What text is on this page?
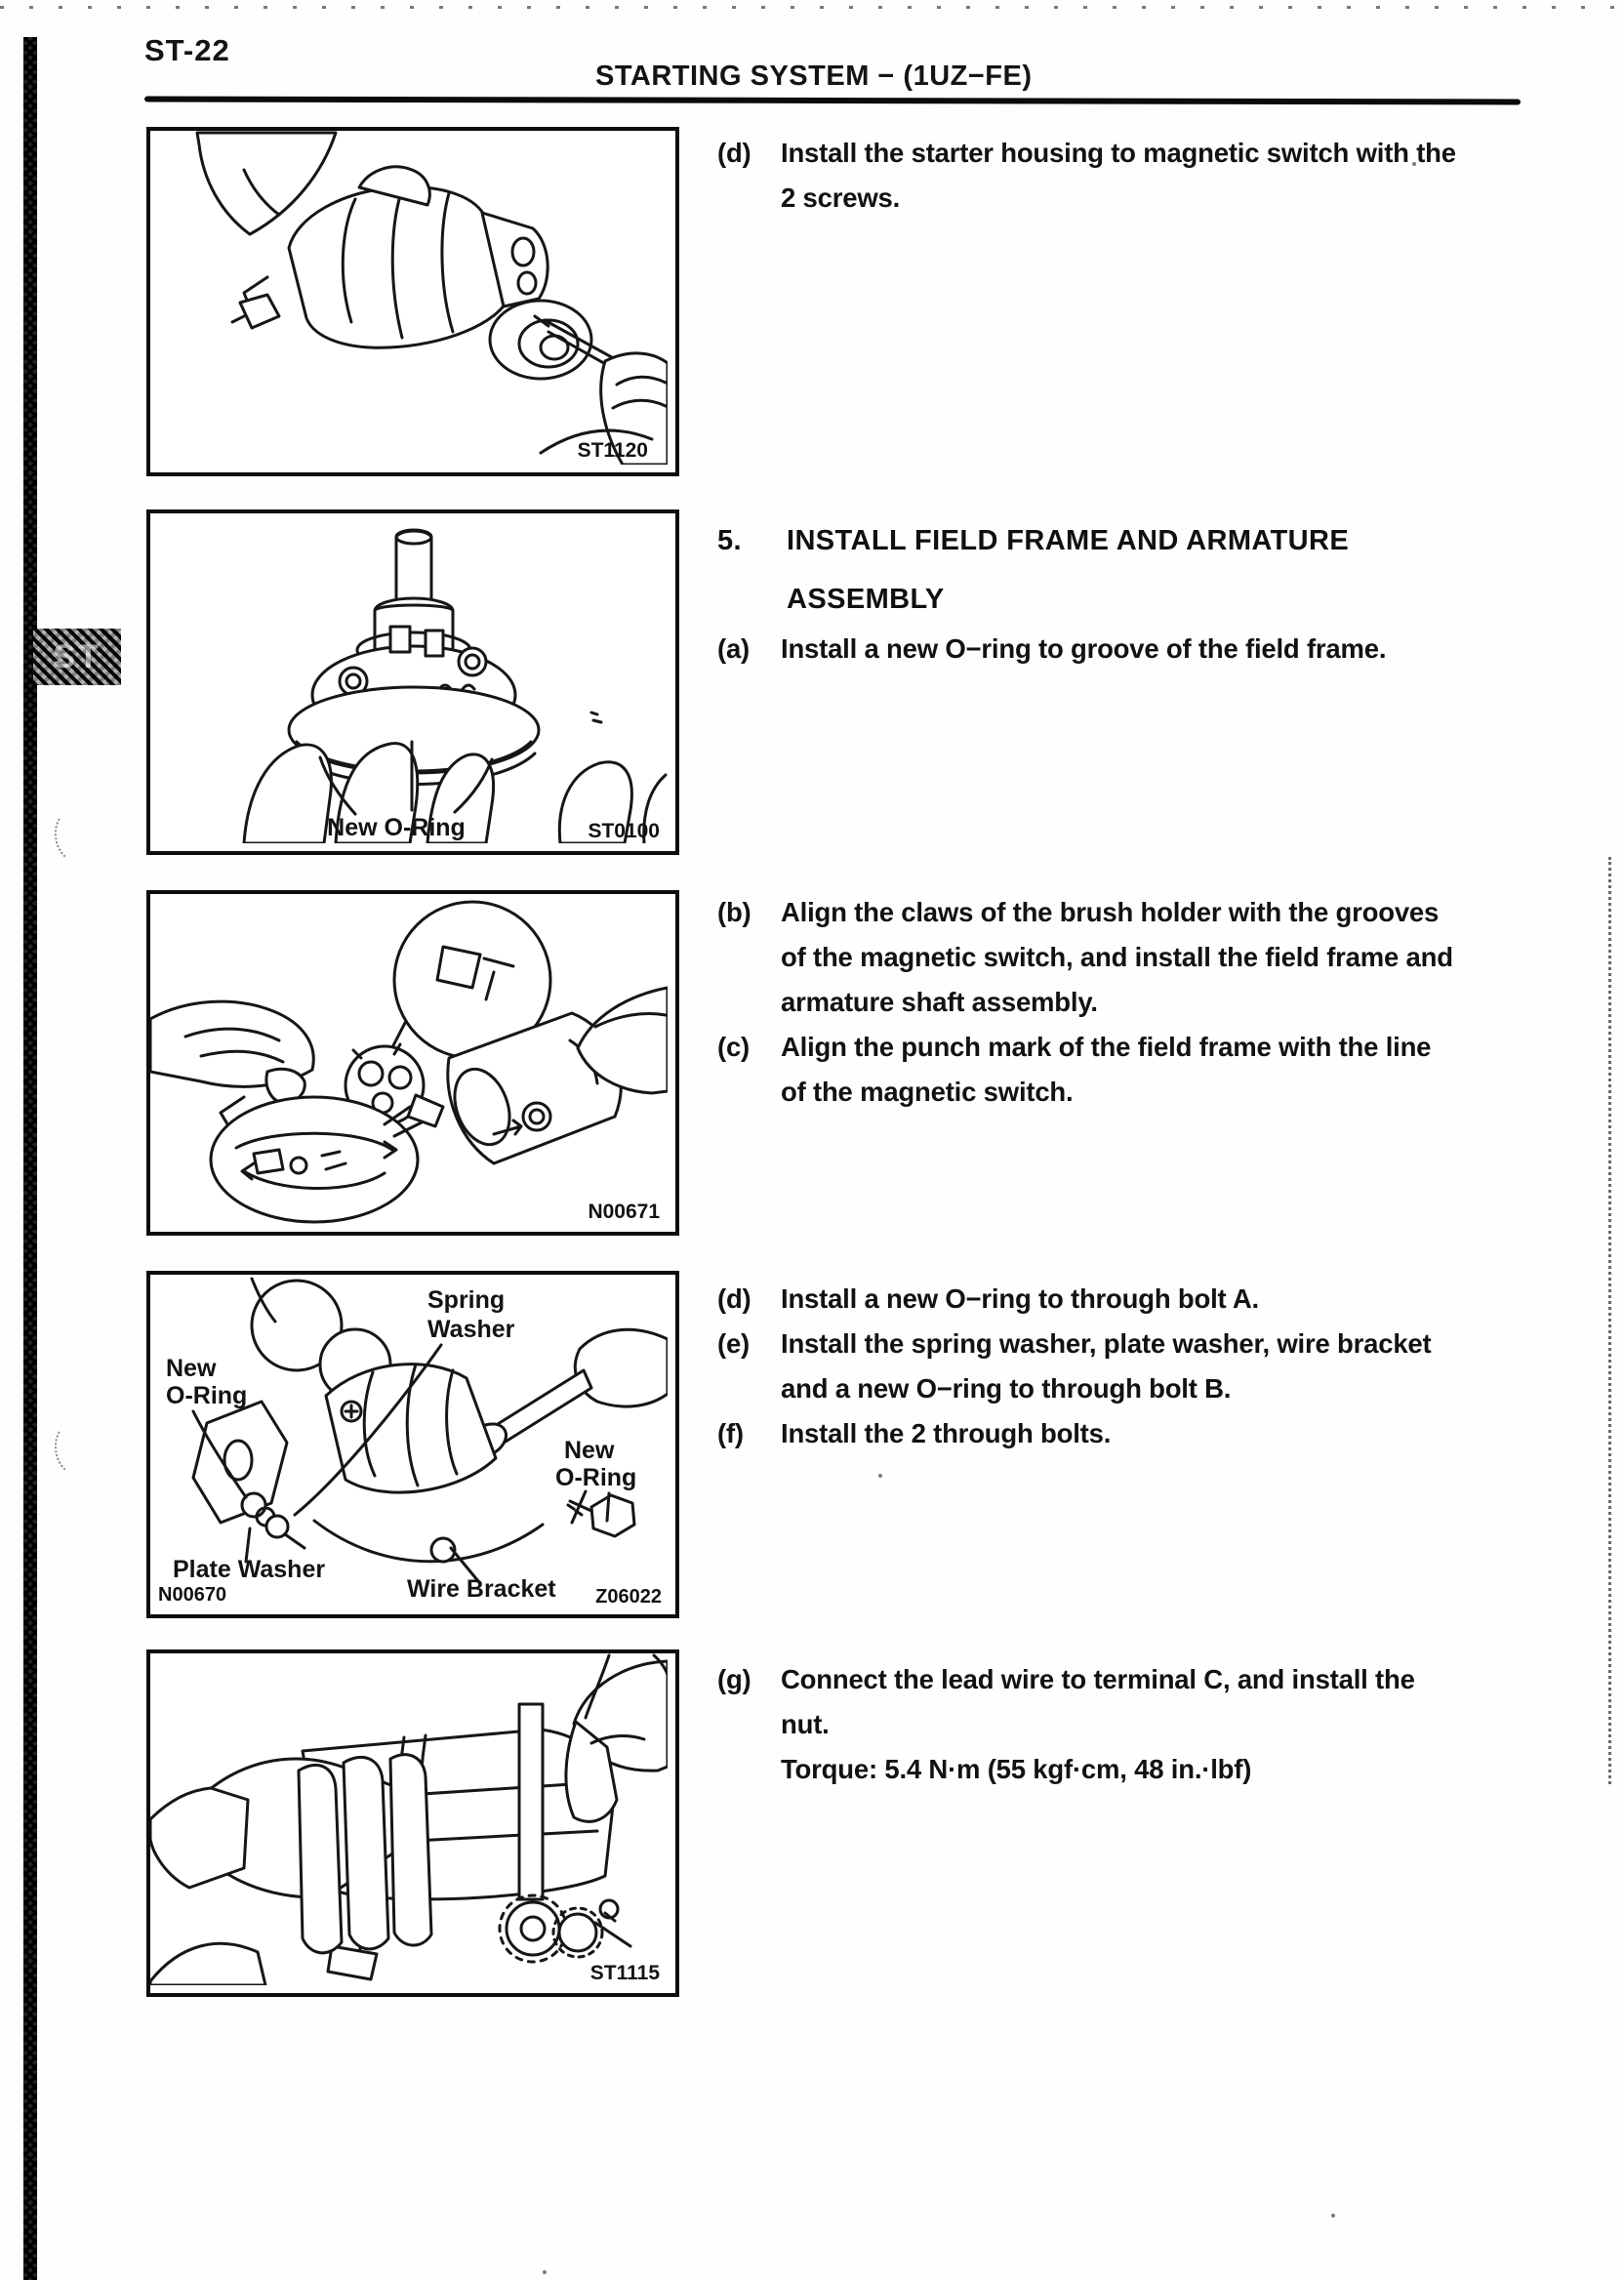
ST
ST-22
STARTING SYSTEM − (1UZ−FE)
ST1120
New O-Ring	ST0100
N00671
Spring
Washer
New
O-Ring
New
O-Ring
Plate Washer
Wire Bracket
N00670	Z06022
ST1115
(d) Install the starter housing to magnetic switch with the
2 screws.
5. INSTALL FIELD FRAME AND ARMATURE
ASSEMBLY
(a) Install a new O−ring to groove of the field frame.
(b) Align the claws of the brush holder with the grooves
of the magnetic switch, and install the field frame and
armature shaft assembly.
(c) Align the punch mark of the field frame with the line
of the magnetic switch.
(d) Install a new O−ring to through bolt A.
(e) Install the spring washer, plate washer, wire bracket
and a new O−ring to through bolt B.
(f) Install the 2 through bolts.
(g) Connect the lead wire to terminal C, and install the
nut.
Torque: 5.4 N·m (55 kgf·cm, 48 in.·lbf)
